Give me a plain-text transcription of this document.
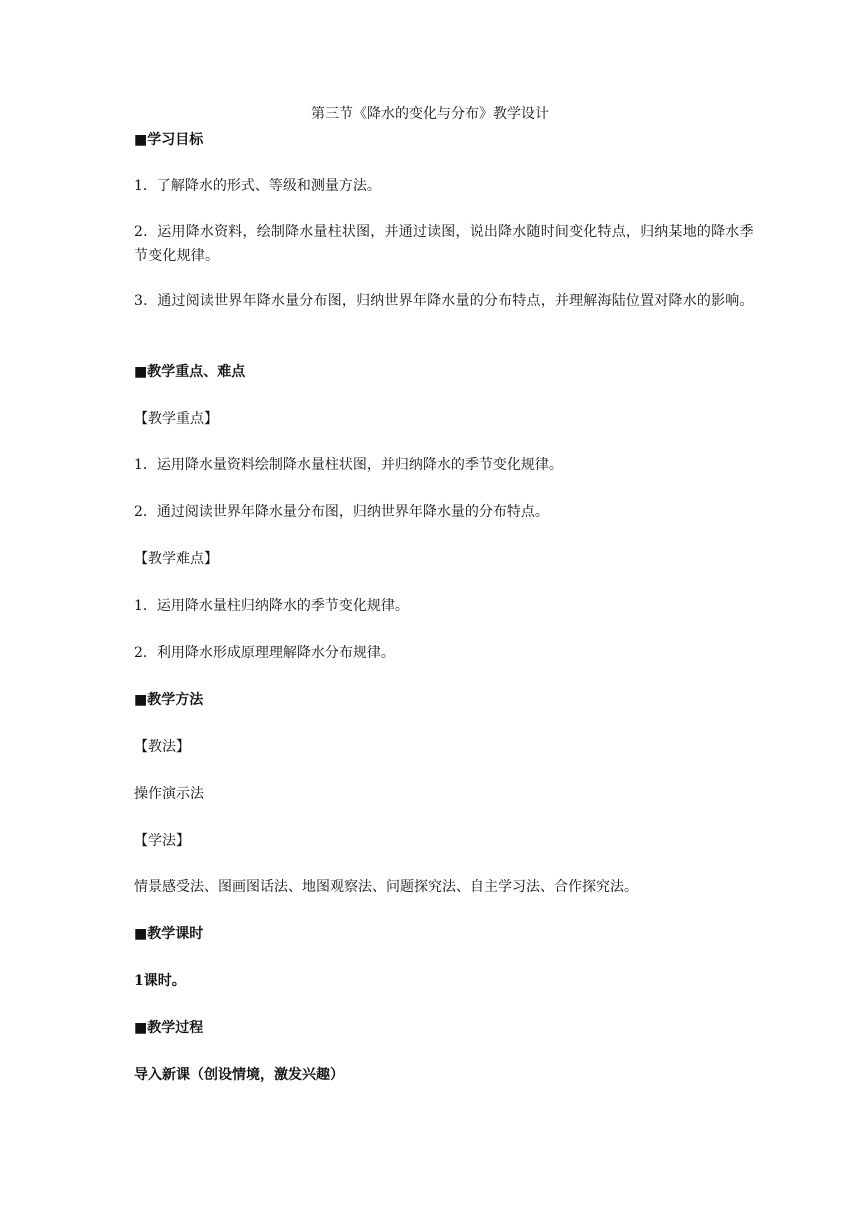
第三节《降水的变化与分布》教学设计
■学习目标
1．了解降水的形式、等级和测量方法。
2．运用降水资料，绘制降水量柱状图，并通过读图，说出降水随时间变化特点，归纳某地的降水季节变化规律。
3．通过阅读世界年降水量分布图，归纳世界年降水量的分布特点，并理解海陆位置对降水的影响。
■教学重点、难点
【教学重点】
1．运用降水量资料绘制降水量柱状图，并归纳降水的季节变化规律。
2．通过阅读世界年降水量分布图，归纳世界年降水量的分布特点。
【教学难点】
1．运用降水量柱归纳降水的季节变化规律。
2．利用降水形成原理理解降水分布规律。
■教学方法
【教法】
操作演示法
【学法】
情景感受法、图画图话法、地图观察法、问题探究法、自主学习法、合作探究法。
■教学课时
1课时。
■教学过程
导入新课（创设情境，激发兴趣）
